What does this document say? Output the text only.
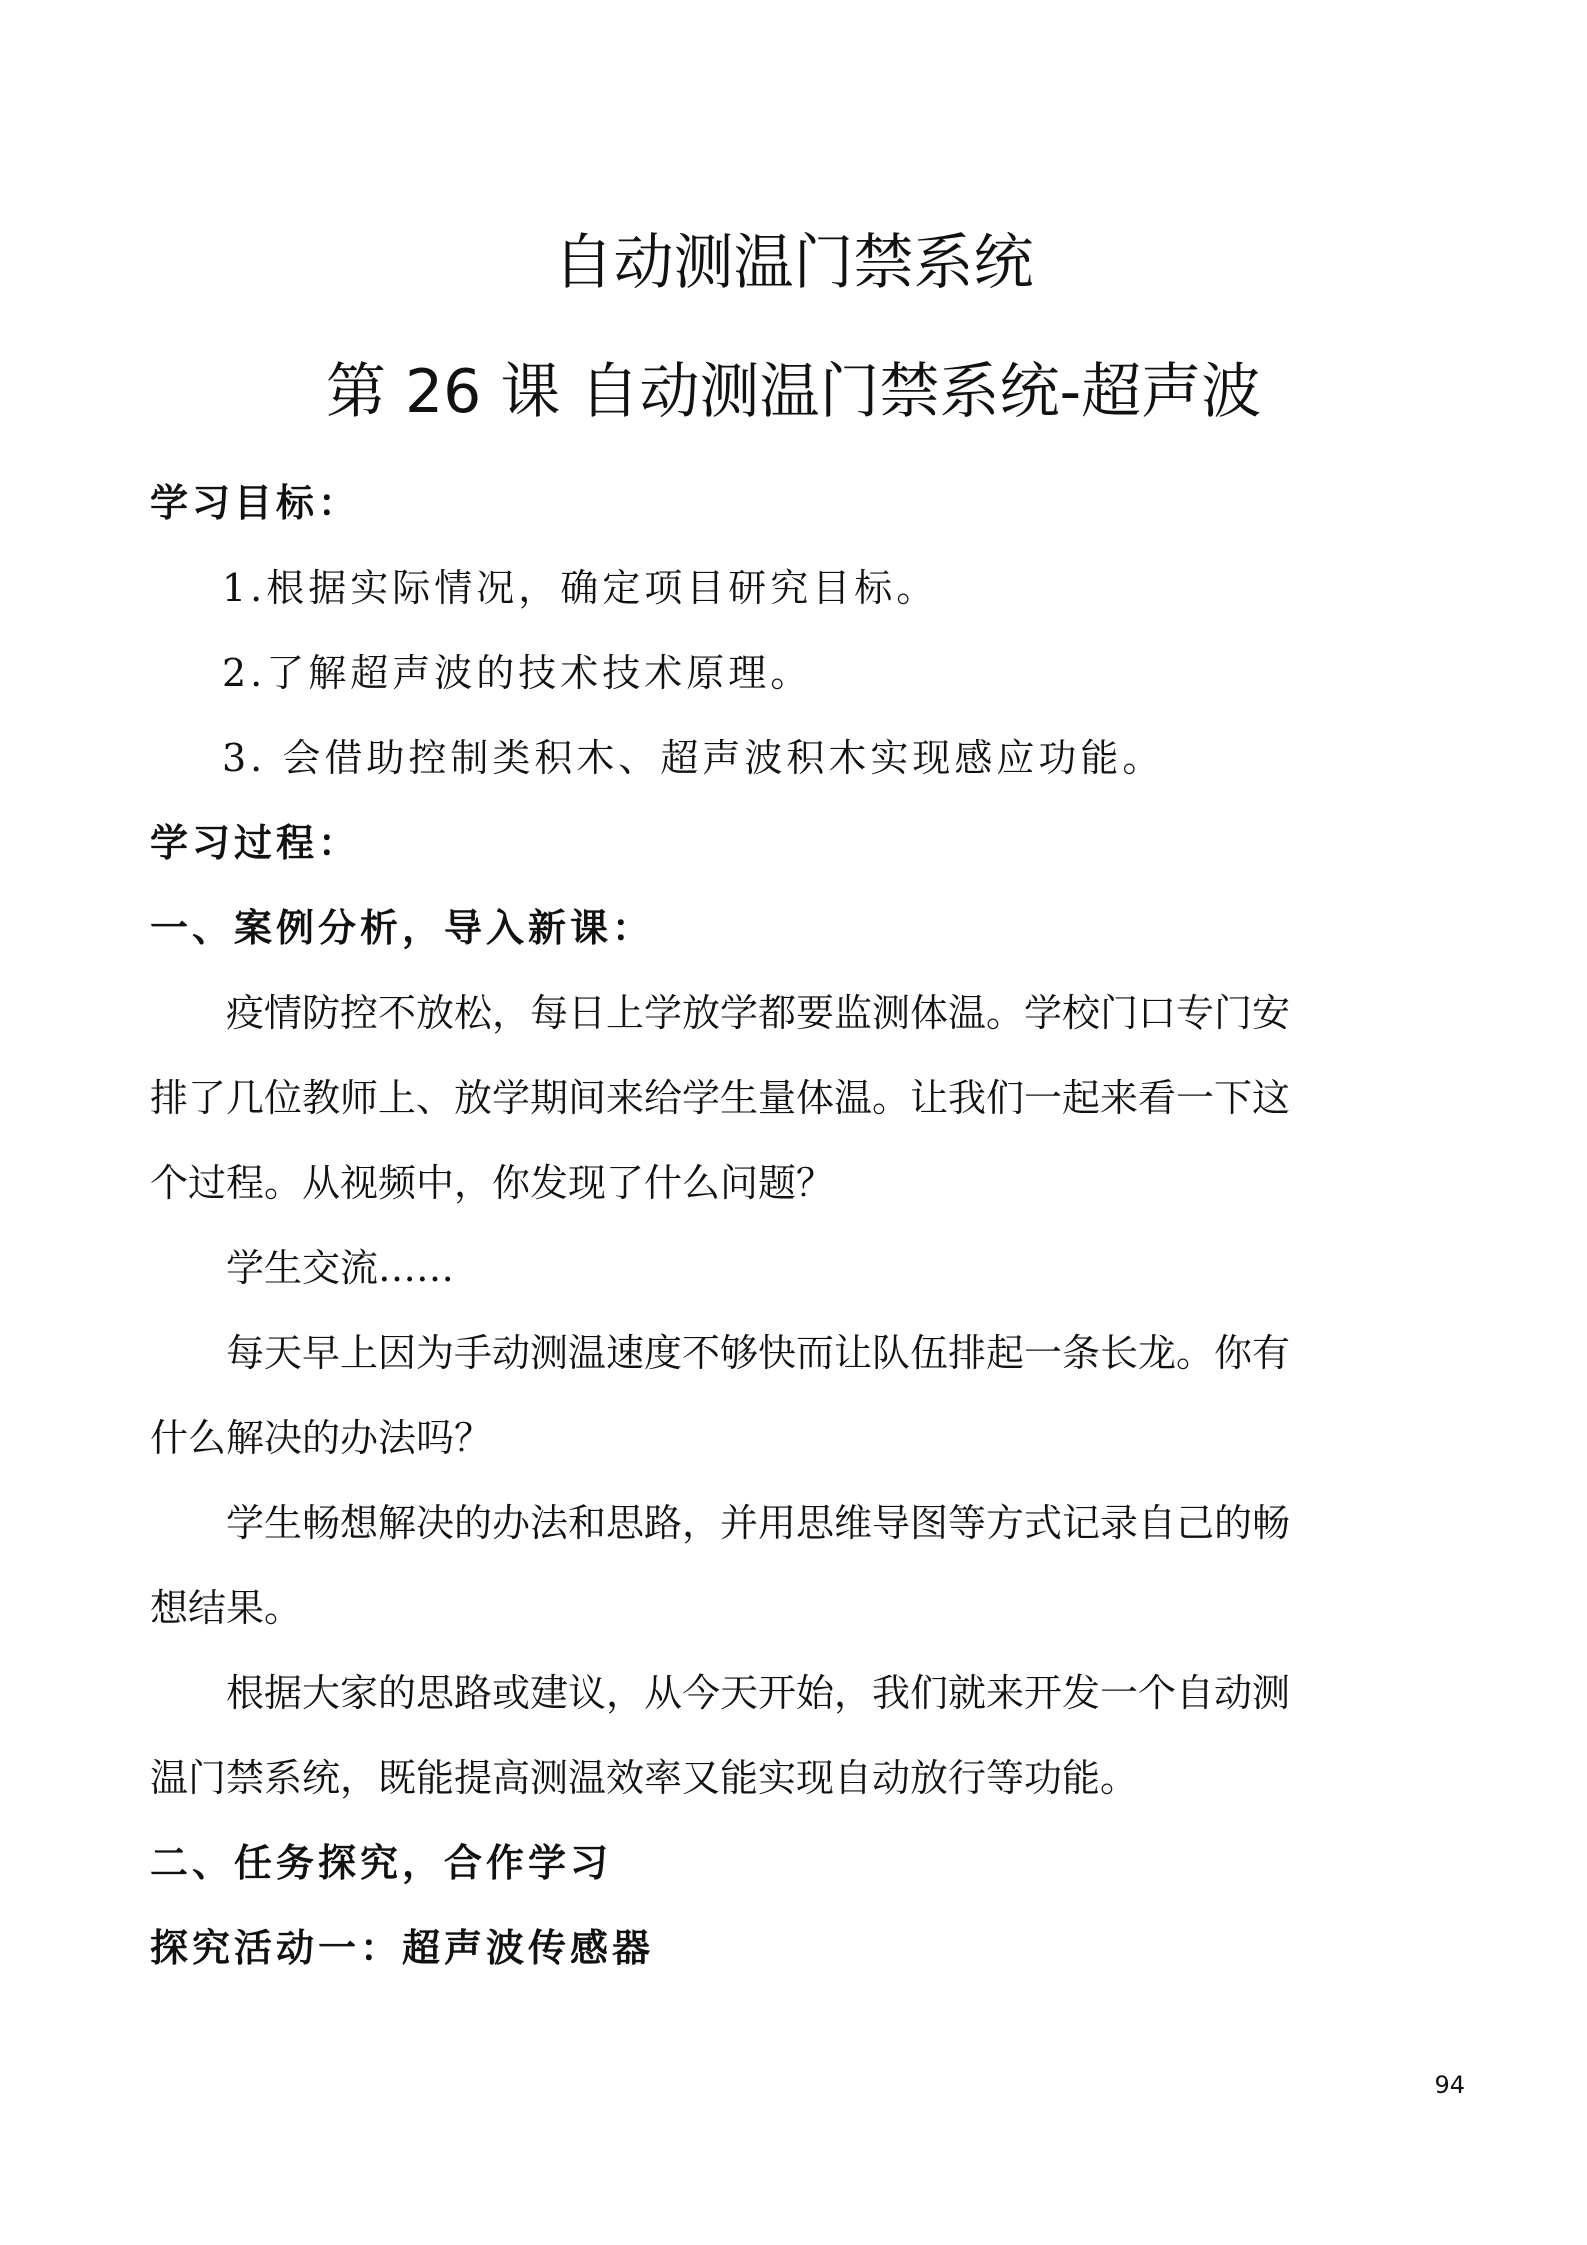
自动测温门禁系统
第 26 课 自动测温门禁系统-超声波
学习目标：
1.根据实际情况，确定项目研究目标。
2.了解超声波的技术技术原理。
3. 会借助控制类积木、超声波积木实现感应功能。
学习过程：
一、案例分析，导入新课：
　　疫情防控不放松，每日上学放学都要监测体温。学校门口专门安
排了几位教师上、放学期间来给学生量体温。让我们一起来看一下这
个过程。从视频中，你发现了什么问题？
　　学生交流……
　　每天早上因为手动测温速度不够快而让队伍排起一条长龙。你有
什么解决的办法吗？
　　学生畅想解决的办法和思路，并用思维导图等方式记录自己的畅
想结果。
　　根据大家的思路或建议，从今天开始，我们就来开发一个自动测
温门禁系统，既能提高测温效率又能实现自动放行等功能。
二、任务探究，合作学习
探究活动一：超声波传感器
94
